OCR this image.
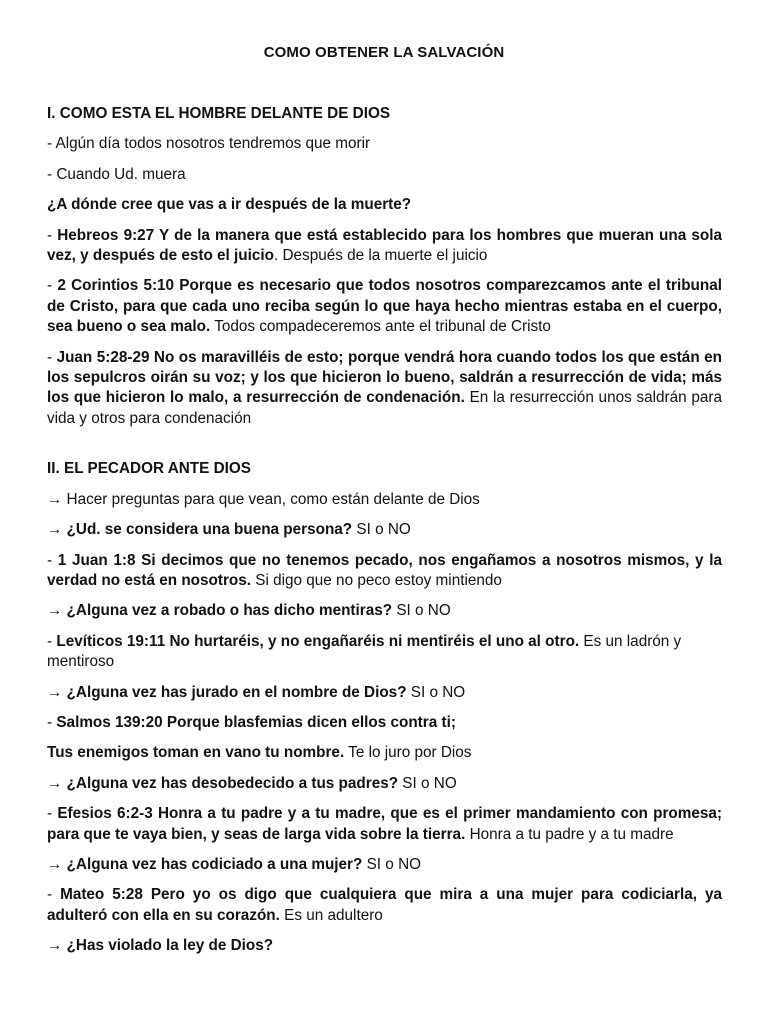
COMO OBTENER LA SALVACIÓN

I. COMO ESTA EL HOMBRE DELANTE DE DIOS

- Algún día todos nosotros tendremos que morir

- Cuando Ud. muera

¿A dónde cree que vas a ir después de la muerte?

- Hebreos 9:27 Y de la manera que está establecido para los hombres que mueran una sola vez, y después de esto el juicio. Después de la muerte el juicio

- 2 Corintios 5:10 Porque es necesario que todos nosotros comparezcamos ante el tribunal de Cristo, para que cada uno reciba según lo que haya hecho mientras estaba en el cuerpo, sea bueno o sea malo. Todos compadeceremos ante el tribunal de Cristo

- Juan 5:28-29 No os maravilléis de esto; porque vendrá hora cuando todos los que están en los sepulcros oirán su voz; y los que hicieron lo bueno, saldrán a resurrección de vida; más los que hicieron lo malo, a resurrección de condenación. En la resurrección unos saldrán para vida y otros para condenación

II. EL PECADOR ANTE DIOS

→ Hacer preguntas para que vean, como están delante de Dios

→ ¿Ud. se considera una buena persona? SI o NO

- 1 Juan 1:8 Si decimos que no tenemos pecado, nos engañamos a nosotros mismos, y la verdad no está en nosotros. Si digo que no peco estoy mintiendo

→ ¿Alguna vez a robado o has dicho mentiras? SI o NO

- Levíticos 19:11 No hurtaréis, y no engañaréis ni mentiréis el uno al otro. Es un ladrón y mentiroso

→ ¿Alguna vez has jurado en el nombre de Dios? SI o NO

- Salmos 139:20 Porque blasfemias dicen ellos contra ti;

Tus enemigos toman en vano tu nombre. Te lo juro por Dios

→ ¿Alguna vez has desobedecido a tus padres? SI o NO

- Efesios 6:2-3 Honra a tu padre y a tu madre, que es el primer mandamiento con promesa; para que te vaya bien, y seas de larga vida sobre la tierra. Honra a tu padre y a tu madre

→ ¿Alguna vez has codiciado a una mujer? SI o NO

- Mateo 5:28 Pero yo os digo que cualquiera que mira a una mujer para codiciarla, ya adulteró con ella en su corazón. Es un adultero

→ ¿Has violado la ley de Dios?
